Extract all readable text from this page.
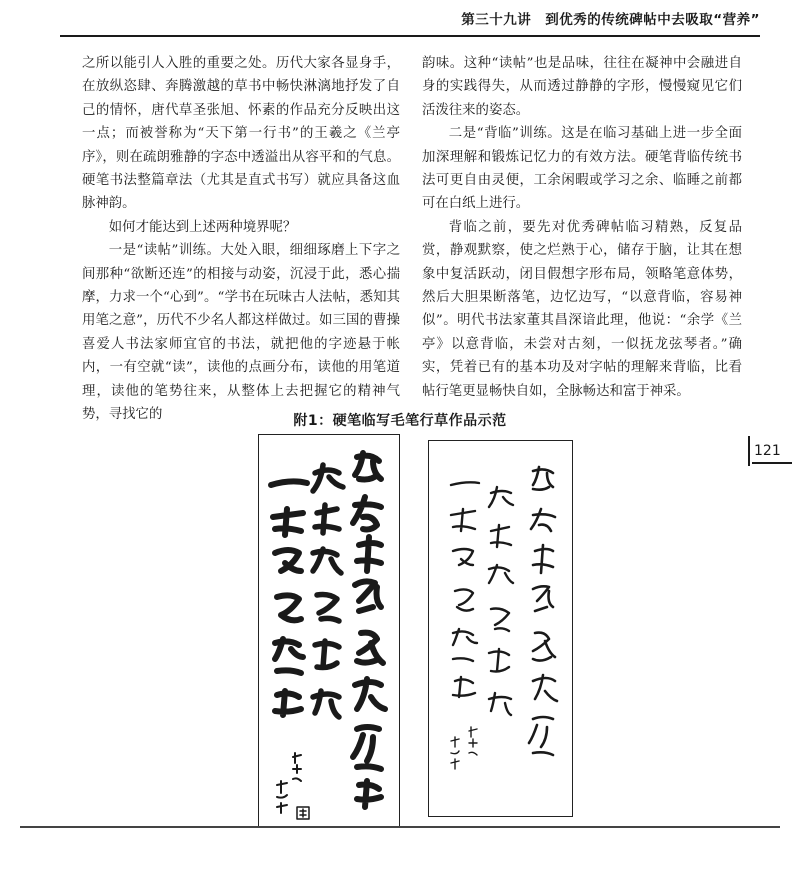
第三十九讲　到优秀的传统碑帖中去吸取“营养”

之所以能引人入胜的重要之处。历代大家各显身手，在放纵恣肆、奔腾激越的草书中畅快淋漓地抒发了自己的情怀，唐代草圣张旭、怀素的作品充分反映出这一点；而被誉称为“天下第一行书”的王羲之《兰亭序》，则在疏朗雅静的字态中透溢出从容平和的气息。硬笔书法整篇章法（尤其是直式书写）就应具备这血脉神韵。

如何才能达到上述两种境界呢？

一是“读帖”训练。大处入眼，细细琢磨上下字之间那种“欲断还连”的相接与动姿，沉浸于此，悉心揣摩，力求一个“心到”。“学书在玩味古人法帖，悉知其用笔之意”，历代不少名人都这样做过。如三国的曹操喜爱人书法家师宜官的书法，就把他的字迹悬于帐内，一有空就“读”，读他的点画分布，读他的用笔道理，读他的笔势往来，从整体上去把握它的精神气势，寻找它的

韵味。这种“读帖”也是品味，往往在凝神中会融进自身的实践得失，从而透过静静的字形，慢慢窥见它们活泼往来的姿态。

二是“背临”训练。这是在临习基础上进一步全面加深理解和锻炼记忆力的有效方法。硬笔背临传统书法可更自由灵便，工余闲暇或学习之余、临睡之前都可在白纸上进行。

背临之前，要先对优秀碑帖临习精熟，反复品赏，静观默察，使之烂熟于心，储存于脑，让其在想象中复活跃动，闭目假想字形布局，领略笔意体势，然后大胆果断落笔，边忆边写，“以意背临，容易神似”。明代书法家董其昌深谙此理，他说：“余学《兰亭》以意背临，未尝对古刻，一似抚龙弦琴者。”确实，凭着已有的基本功及对字帖的理解来背临，比看帖行笔更显畅快自如，全脉畅达和富于神采。

附1：硬笔临写毛笔行草作品示范
121
